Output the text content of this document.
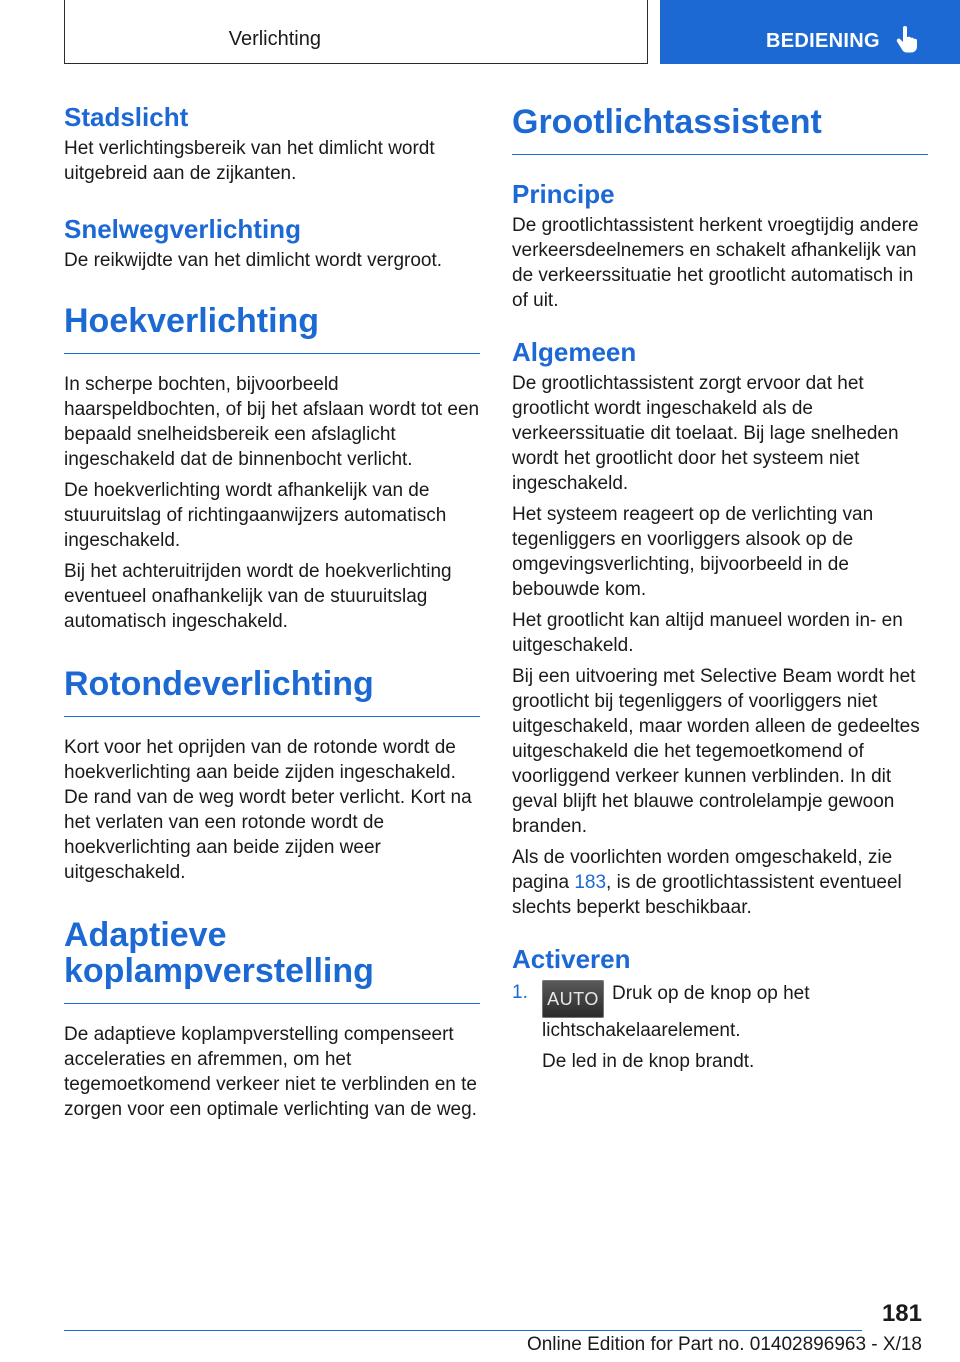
Verlichting	BEDIENING
Stadslicht

Het verlichtingsbereik van het dimlicht wordt uitgebreid aan de zijkanten.

Snelwegverlichting

De reikwijdte van het dimlicht wordt vergroot.

Hoekverlichting

In scherpe bochten, bijvoorbeeld haarspeldbochten, of bij het afslaan wordt tot een bepaald snelheidsbereik een afslaglicht ingeschakeld dat de binnenbocht verlicht.

De hoekverlichting wordt afhankelijk van de stuuruitslag of richtingaanwijzers automatisch ingeschakeld.

Bij het achteruitrijden wordt de hoekverlichting eventueel onafhankelijk van de stuuruitslag automatisch ingeschakeld.

Rotondeverlichting

Kort voor het oprijden van de rotonde wordt de hoekverlichting aan beide zijden ingeschakeld. De rand van de weg wordt beter verlicht. Kort na het verlaten van een rotonde wordt de hoekverlichting aan beide zijden weer uitgeschakeld.

Adaptieve koplampverstelling

De adaptieve koplampverstelling compenseert acceleraties en afremmen, om het tegemoetkomend verkeer niet te verblinden en te zorgen voor een optimale verlichting van de weg.

Grootlichtassistent
Principe

De grootlichtassistent herkent vroegtijdig andere verkeersdeelnemers en schakelt afhankelijk van de verkeerssituatie het grootlicht automatisch in of uit.

Algemeen

De grootlichtassistent zorgt ervoor dat het grootlicht wordt ingeschakeld als de verkeerssituatie dit toelaat. Bij lage snelheden wordt het grootlicht door het systeem niet ingeschakeld.

Het systeem reageert op de verlichting van tegenliggers en voorliggers alsook op de omgevingsverlichting, bijvoorbeeld in de bebouwde kom.

Het grootlicht kan altijd manueel worden in- en uitgeschakeld.

Bij een uitvoering met Selective Beam wordt het grootlicht bij tegenliggers of voorliggers niet uitgeschakeld, maar worden alleen de gedeeltes uitgeschakeld die het tegemoetkomend of voorliggend verkeer kunnen verblinden. In dit geval blijft het blauwe controlelampje gewoon branden.

Als de voorlichten worden omgeschakeld, zie pagina 183, is de grootlichtassistent eventueel slechts beperkt beschikbaar.

Activeren
1.	AUTO Druk op de knop op het lichtschakelaarelement.

De led in de knop brandt.

181
Online Edition for Part no. 01402896963 - X/18
